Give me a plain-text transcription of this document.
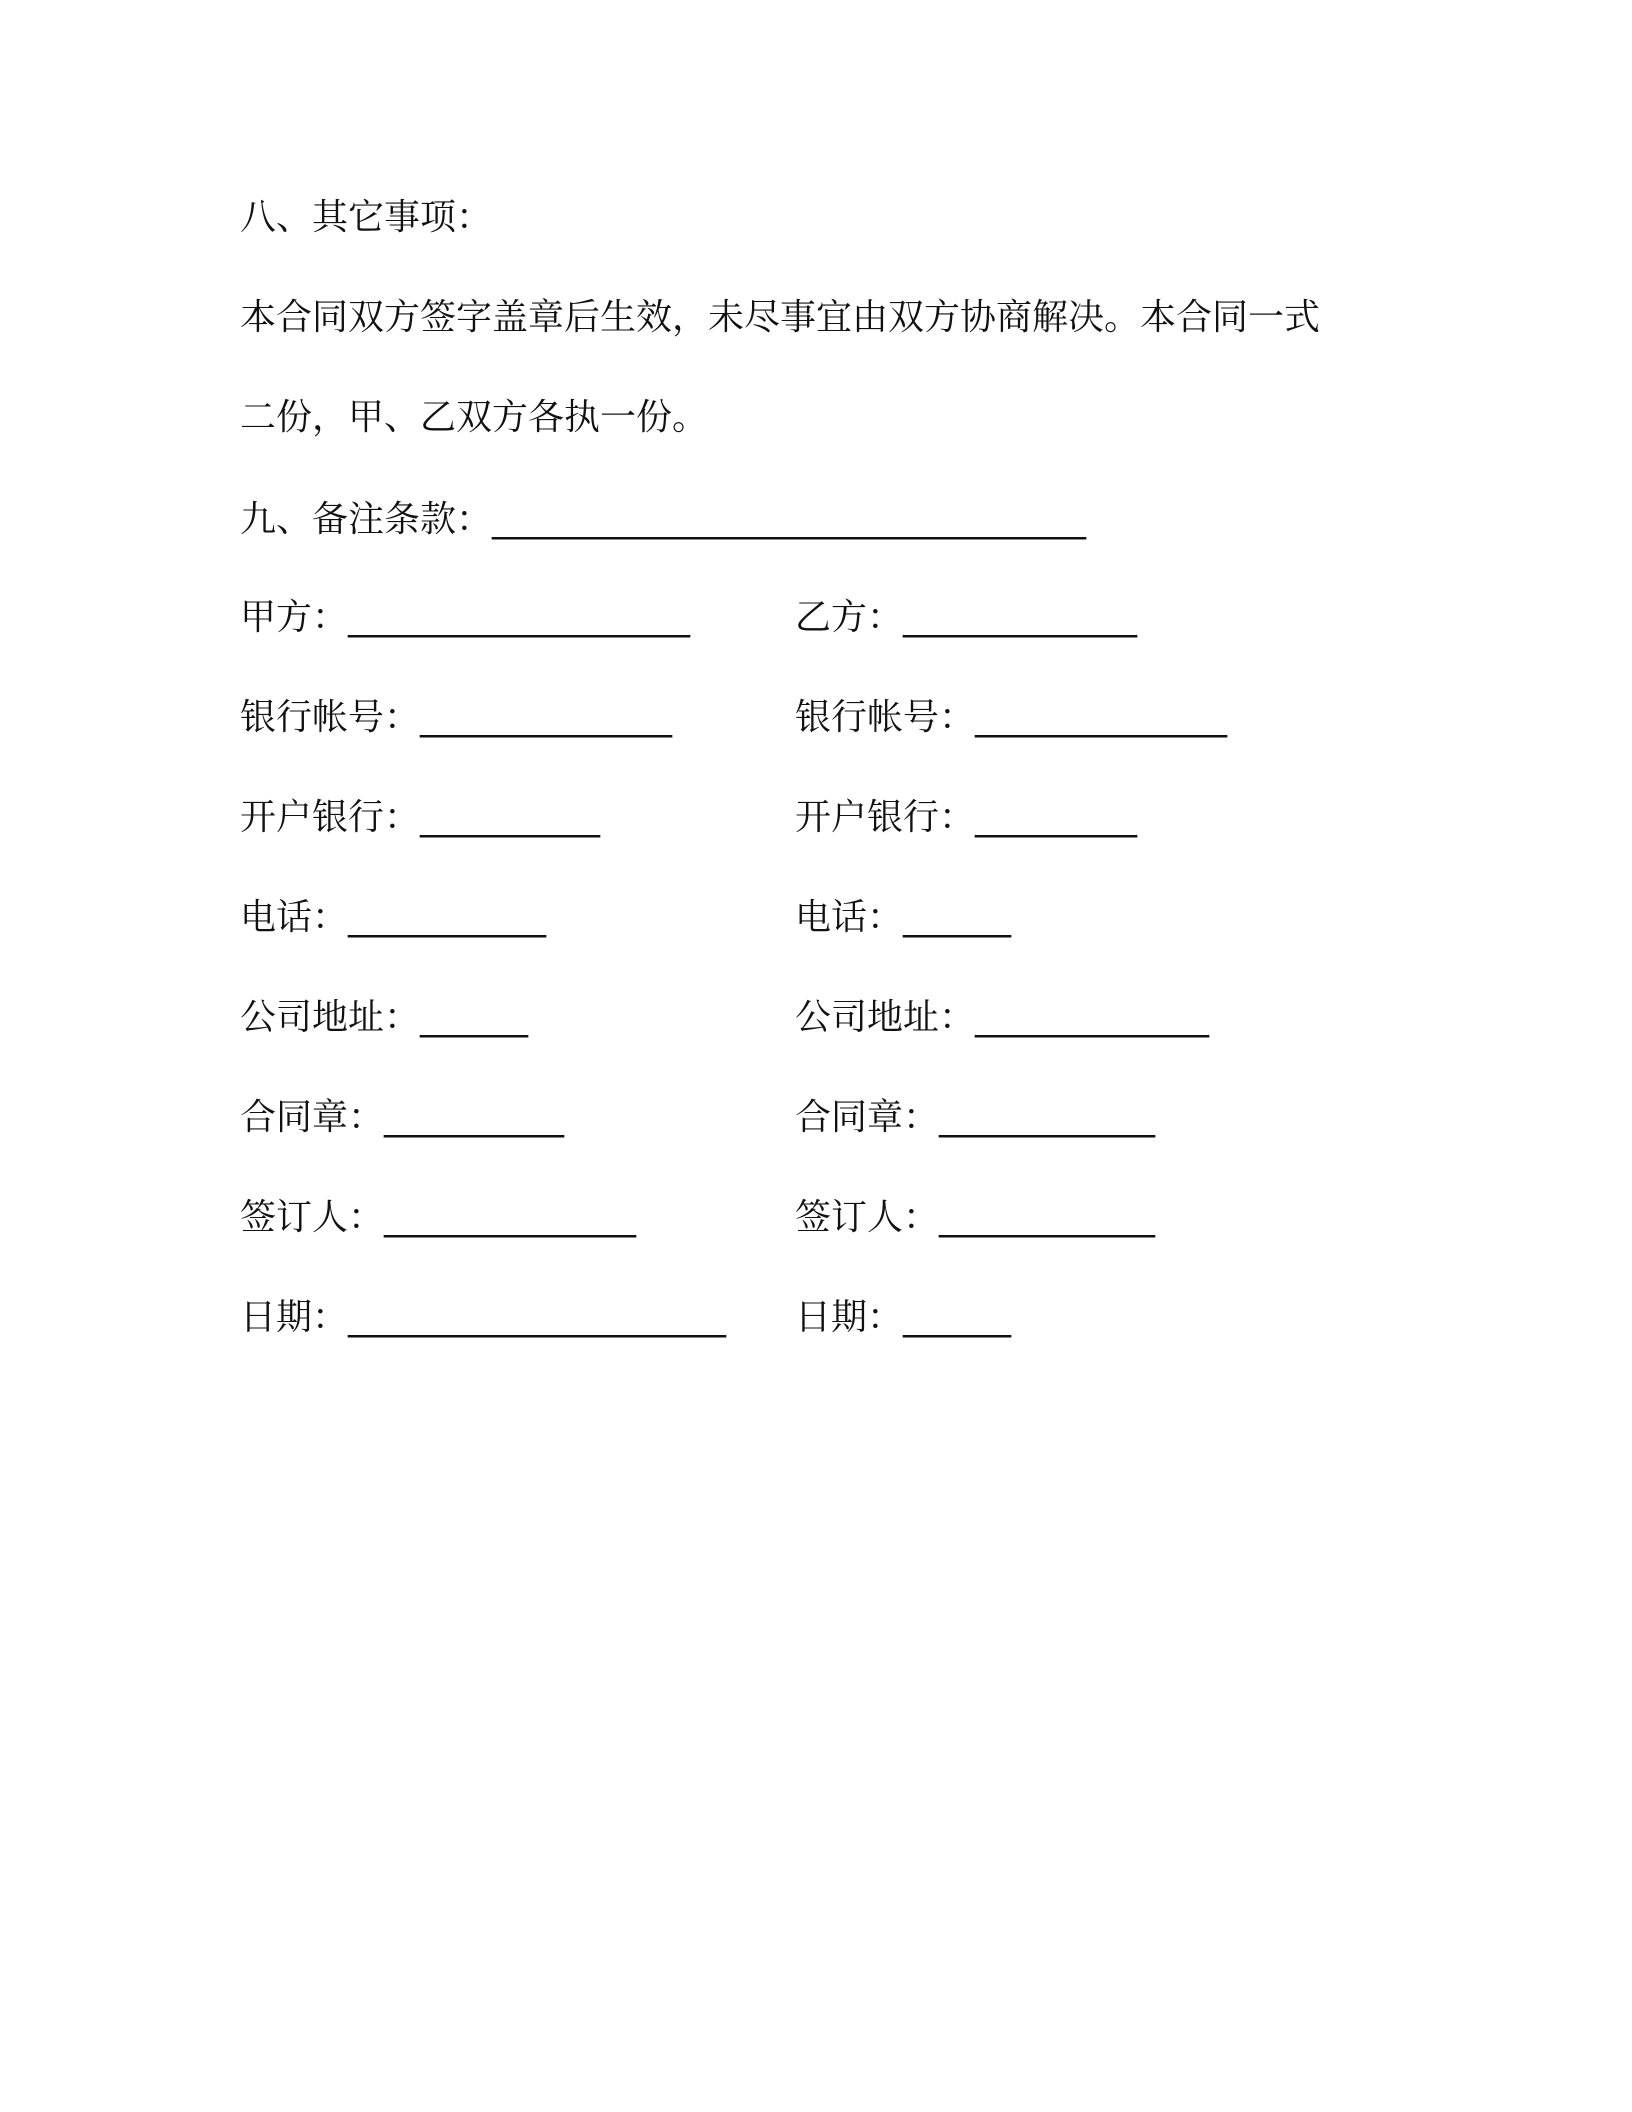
八、其它事项：
本合同双方签字盖章后生效，未尽事宜由双方协商解决。本合同一式
二份，甲、乙双方各执一份。
九、备注条款：_________________________________
甲方：___________________	乙方：_____________
银行帐号：______________	银行帐号：______________
开户银行：__________	开户银行：_________
电话：___________	电话：______
公司地址：______	公司地址：_____________
合同章：__________	合同章：____________
签订人：______________	签订人：____________
日期：_____________________ 日期：______
